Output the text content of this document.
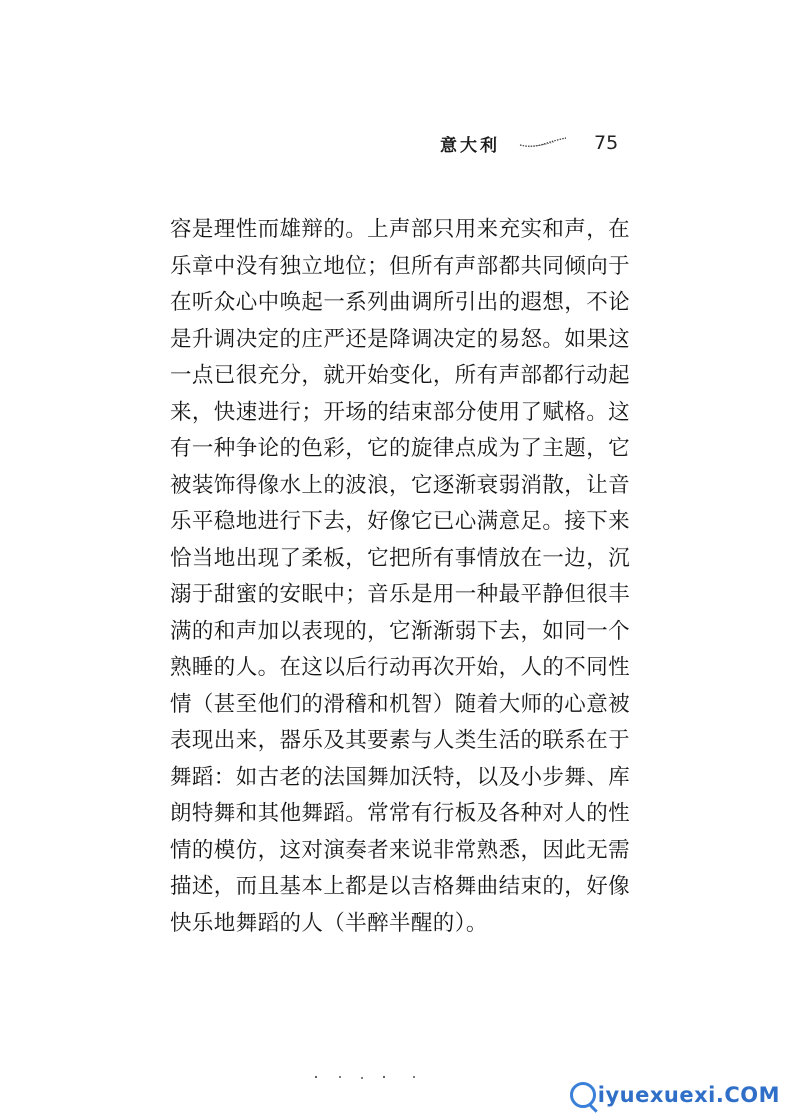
意大利	75

容是理性而雄辩的。上声部只用来充实和声，在乐章中没有独立地位；但所有声部都共同倾向于在听众心中唤起一系列曲调所引出的遐想，不论是升调决定的庄严还是降调决定的易怒。如果这一点已很充分，就开始变化，所有声部都行动起来，快速进行；开场的结束部分使用了赋格。这有一种争论的色彩，它的旋律点成为了主题，它被装饰得像水上的波浪，它逐渐衰弱消散，让音乐平稳地进行下去，好像它已心满意足。接下来恰当地出现了柔板，它把所有事情放在一边，沉溺于甜蜜的安眠中；音乐是用一种最平静但很丰满的和声加以表现的，它渐渐弱下去，如同一个熟睡的人。在这以后行动再次开始，人的不同性情（甚至他们的滑稽和机智）随着大师的心意被表现出来，器乐及其要素与人类生活的联系在于舞蹈：如古老的法国舞加沃特，以及小步舞、库朗特舞和其他舞蹈。常常有行板及各种对人的性情的模仿，这对演奏者来说非常熟悉，因此无需描述，而且基本上都是以吉格舞曲结束的，好像快乐地舞蹈的人（半醉半醒的）。

iyuexuexi.COM
